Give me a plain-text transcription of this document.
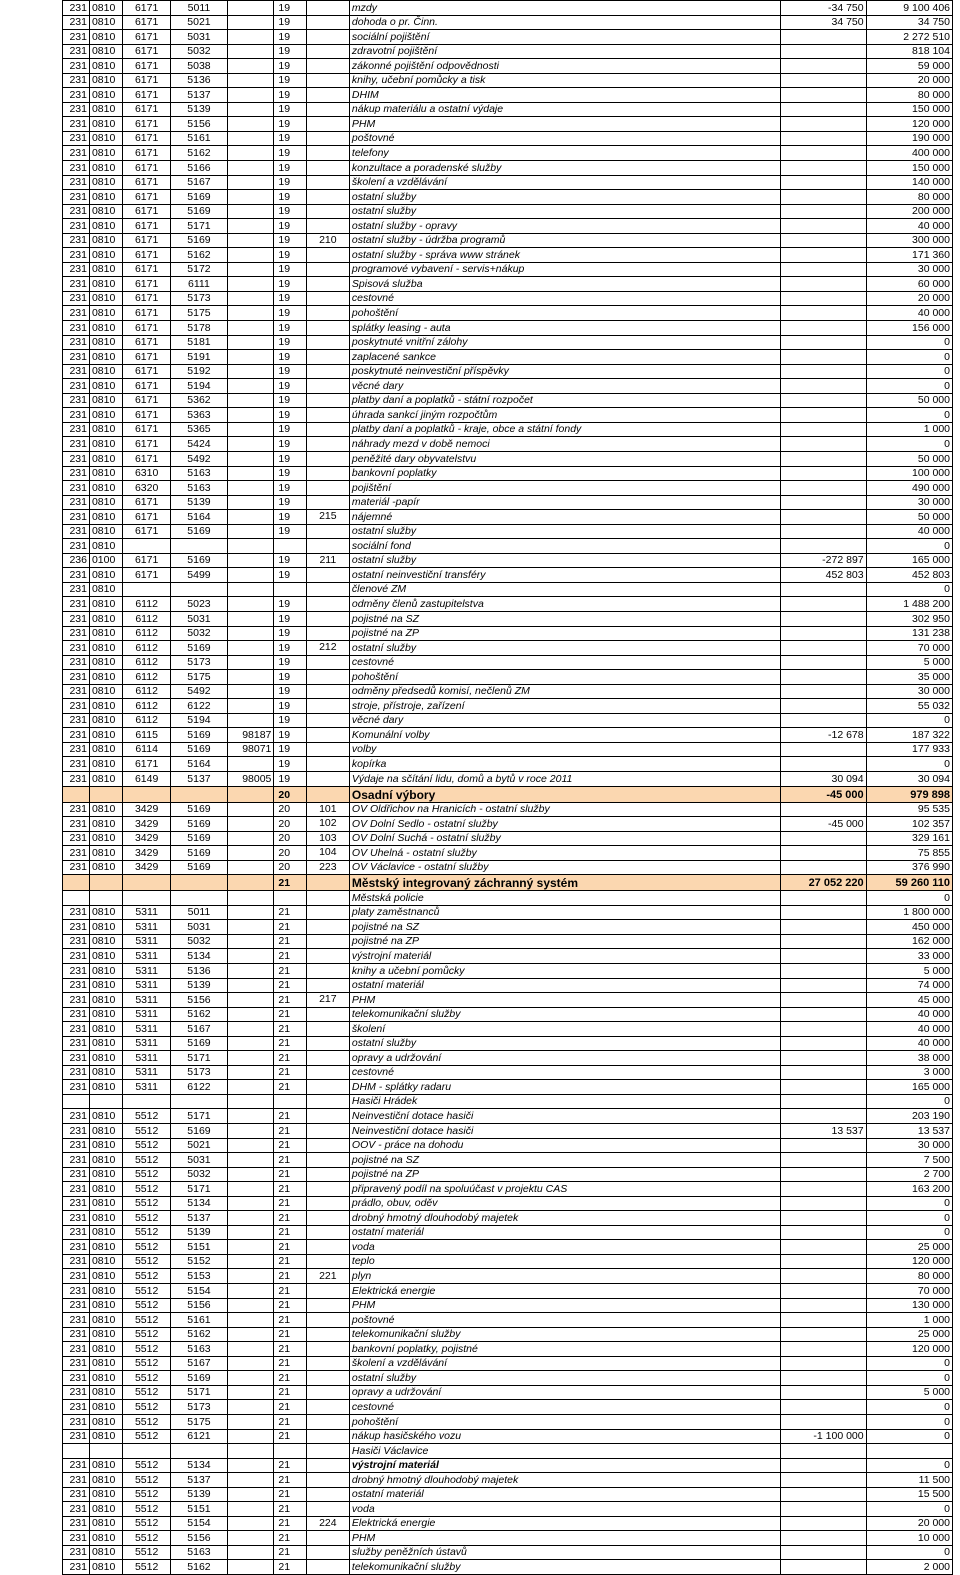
231	0810	6171	5011		19		mzdy	-34 750	9 100 406
231	0810	6171	5021		19		dohoda o pr. Činn.	34 750	34 750
231	0810	6171	5031		19		sociální pojištění		2 272 510
231	0810	6171	5032		19		zdravotní pojištění		818 104
231	0810	6171	5038		19		zákonné pojištění odpovědnosti		59 000
231	0810	6171	5136		19		knihy, učební pomůcky a tisk		20 000
231	0810	6171	5137		19		DHIM		80 000
231	0810	6171	5139		19		nákup materiálu a ostatní výdaje		150 000
231	0810	6171	5156		19		PHM		120 000
231	0810	6171	5161		19		poštovné		190 000
231	0810	6171	5162		19		telefony		400 000
231	0810	6171	5166		19		konzultace a poradenské služby		150 000
231	0810	6171	5167		19		školení a vzdělávání		140 000
231	0810	6171	5169		19		ostatní služby		80 000
231	0810	6171	5169		19		ostatní služby		200 000
231	0810	6171	5171		19		ostatní služby - opravy		40 000
231	0810	6171	5169		19	210	ostatní služby - údržba programů		300 000
231	0810	6171	5162		19		ostatní služby - správa www stránek		171 360
231	0810	6171	5172		19		programové vybavení - servis+nákup		30 000
231	0810	6171	6111		19		Spisová služba		60 000
231	0810	6171	5173		19		cestovné		20 000
231	0810	6171	5175		19		pohoštění		40 000
231	0810	6171	5178		19		splátky leasing - auta		156 000
231	0810	6171	5181		19		poskytnuté vnitřní zálohy		0
231	0810	6171	5191		19		zaplacené sankce		0
231	0810	6171	5192		19		poskytnuté neinvestiční příspěvky		0
231	0810	6171	5194		19		věcné dary		0
231	0810	6171	5362		19		platby daní a poplatků - státní rozpočet		50 000
231	0810	6171	5363		19		úhrada sankcí jiným rozpočtům		0
231	0810	6171	5365		19		platby daní a poplatků - kraje, obce a státní fondy		1 000
231	0810	6171	5424		19		náhrady mezd v době nemoci		0
231	0810	6171	5492		19		peněžité dary obyvatelstvu		50 000
231	0810	6310	5163		19		bankovní poplatky		100 000
231	0810	6320	5163		19		pojištění		490 000
231	0810	6171	5139		19		materiál -papír		30 000
231	0810	6171	5164		19	215	nájemné		50 000
231	0810	6171	5169		19		ostatní služby		40 000
231	0810						sociální fond		0
236	0100	6171	5169		19	211	ostatní služby	-272 897	165 000
231	0810	6171	5499		19		ostatní neinvestiční transféry	452 803	452 803
231	0810						členové ZM		0
231	0810	6112	5023		19		odměny členů zastupitelstva		1 488 200
231	0810	6112	5031		19		pojistné na SZ		302 950
231	0810	6112	5032		19		pojistné na ZP		131 238
231	0810	6112	5169		19	212	ostatní služby		70 000
231	0810	6112	5173		19		cestovné		5 000
231	0810	6112	5175		19		pohoštění		35 000
231	0810	6112	5492		19		odměny předsedů komisí, nečlenů ZM		30 000
231	0810	6112	6122		19		stroje, přístroje, zařízení		55 032
231	0810	6112	5194		19		věcné dary		0
231	0810	6115	5169	98187	19		Komunální volby	-12 678	187 322
231	0810	6114	5169	98071	19		volby		177 933
231	0810	6171	5164		19		kopírka		0
231	0810	6149	5137	98005	19		Výdaje na sčítání lidu, domů a bytů v roce 2011	30 094	30 094
					20		Osadní výbory	-45 000	979 898
231	0810	3429	5169		20	101	OV Oldřichov na Hranicích - ostatní služby		95 535
231	0810	3429	5169		20	102	OV Dolní Sedlo - ostatní služby	-45 000	102 357
231	0810	3429	5169		20	103	OV Dolní Suchá - ostatní služby		329 161
231	0810	3429	5169		20	104	OV Uhelná - ostatní služby		75 855
231	0810	3429	5169		20	223	OV Václavice - ostatní služby		376 990
					21		Městský integrovaný záchranný systém	27 052 220	59 260 110
							Městská policie		0
231	0810	5311	5011		21		platy zaměstnanců		1 800 000
231	0810	5311	5031		21		pojistné na SZ		450 000
231	0810	5311	5032		21		pojistné na ZP		162 000
231	0810	5311	5134		21		výstrojní materiál		33 000
231	0810	5311	5136		21		knihy a učební pomůcky		5 000
231	0810	5311	5139		21		ostatní materiál		74 000
231	0810	5311	5156		21	217	PHM		45 000
231	0810	5311	5162		21		telekomunikační služby		40 000
231	0810	5311	5167		21		školení		40 000
231	0810	5311	5169		21		ostatní služby		40 000
231	0810	5311	5171		21		opravy a udržování		38 000
231	0810	5311	5173		21		cestovné		3 000
231	0810	5311	6122		21		DHM - splátky radaru		165 000
							Hasiči Hrádek		0
231	0810	5512	5171		21		Neinvestiční dotace hasiči		203 190
231	0810	5512	5169		21		Neinvestiční dotace hasiči	13 537	13 537
231	0810	5512	5021		21		OOV - práce na dohodu		30 000
231	0810	5512	5031		21		pojistné na SZ		7 500
231	0810	5512	5032		21		pojistné na ZP		2 700
231	0810	5512	5171		21		připravený podíl na spoluúčast v projektu CAS		163 200
231	0810	5512	5134		21		prádlo, obuv, oděv		0
231	0810	5512	5137		21		drobný hmotný dlouhodobý majetek		0
231	0810	5512	5139		21		ostatní materiál		0
231	0810	5512	5151		21		voda		25 000
231	0810	5512	5152		21		teplo		120 000
231	0810	5512	5153		21	221	plyn		80 000
231	0810	5512	5154		21		Elektrická energie		70 000
231	0810	5512	5156		21		PHM		130 000
231	0810	5512	5161		21		poštovné		1 000
231	0810	5512	5162		21		telekomunikační služby		25 000
231	0810	5512	5163		21		bankovní poplatky, pojistné		120 000
231	0810	5512	5167		21		školení a vzdělávání		0
231	0810	5512	5169		21		ostatní služby		0
231	0810	5512	5171		21		opravy a udržování		5 000
231	0810	5512	5173		21		cestovné		0
231	0810	5512	5175		21		pohoštění		0
231	0810	5512	6121		21		nákup hasičského vozu	-1 100 000	0
							Hasiči Václavice		
231	0810	5512	5134		21		výstrojní materiál		0
231	0810	5512	5137		21		drobný hmotný dlouhodobý majetek		11 500
231	0810	5512	5139		21		ostatní materiál		15 500
231	0810	5512	5151		21		voda		0
231	0810	5512	5154		21	224	Elektrická energie		20 000
231	0810	5512	5156		21		PHM		10 000
231	0810	5512	5163		21		služby peněžních ústavů		0
231	0810	5512	5162		21		telekomunikační služby		2 000
